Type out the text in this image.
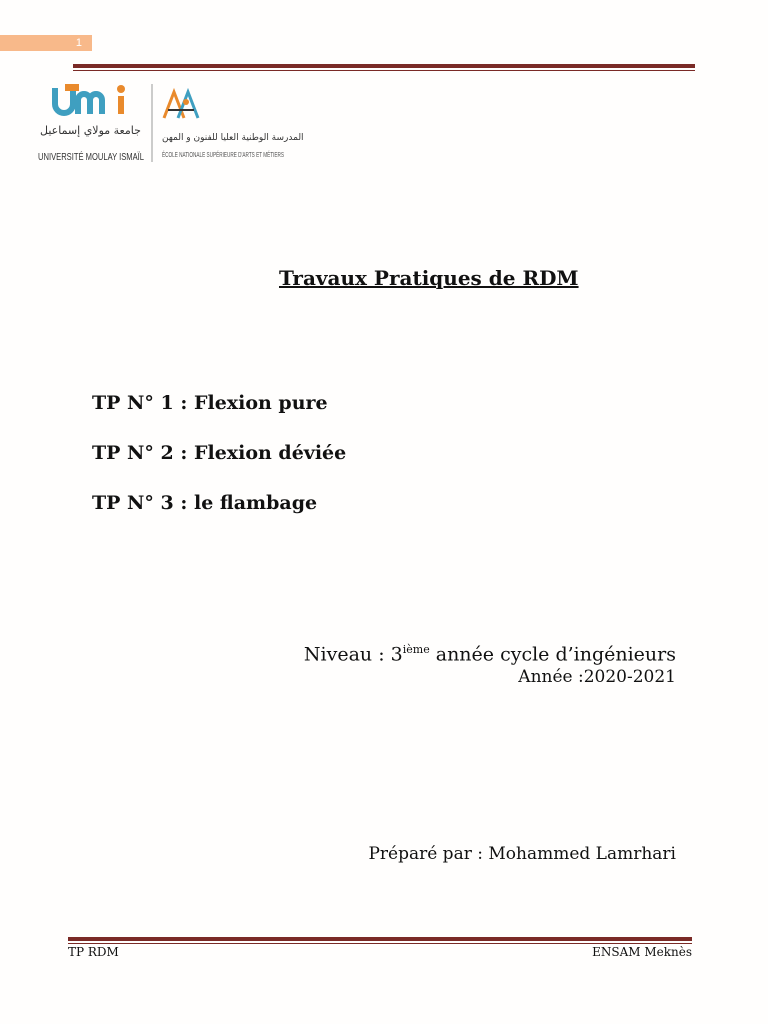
1
جامعة مولاي إسماعيل
UNIVERSITÉ MOULAY ISMAÏL
المدرسة الوطنية العليا للفنون و المهن
ÉCOLE NATIONALE SUPÉRIEURE D'ARTS ET MÉTIERS
Travaux Pratiques de RDM
TP N° 1 : Flexion pure
TP N° 2 : Flexion déviée
TP N° 3 : le flambage
Niveau : 3ième année cycle d’ingénieurs
Année :2020-2021
Préparé par : Mohammed Lamrhari
TP RDM	ENSAM Meknès
